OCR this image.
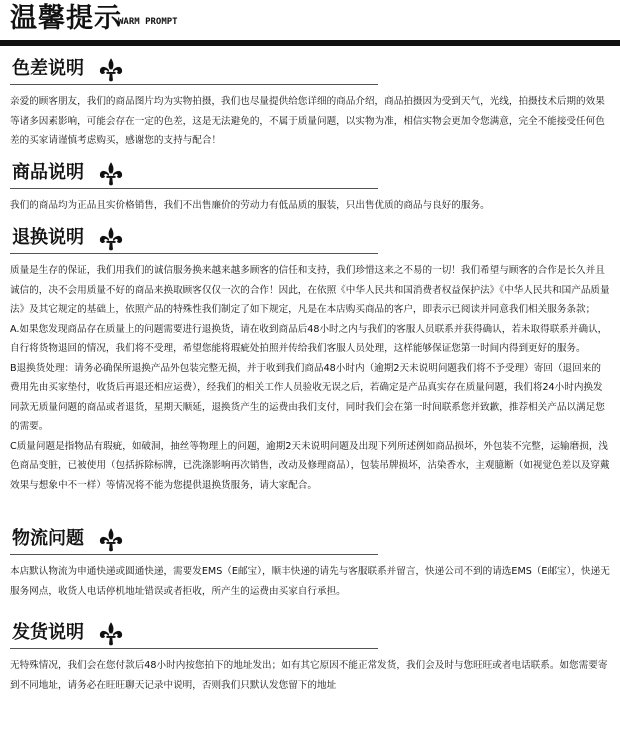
温馨提示
WARM PROMPT
色差说明

亲爱的顾客朋友，我们的商品图片均为实物拍摄，我们也尽量提供给您详细的商品介绍，商品拍摄因为受到天气，光线，拍摄技术后期的效果等诸多因素影响，可能会存在一定的色差，这是无法避免的，不属于质量问题，以实物为准，相信实物会更加令您满意，完全不能接受任何色差的买家请谨慎考虑购买，感谢您的支持与配合！

商品说明

我们的商品均为正品且实价格销售，我们不出售廉价的劳动力有低品质的服装，只出售优质的商品与良好的服务。

退换说明

质量是生存的保证，我们用我们的诚信服务换来越来越多顾客的信任和支持，我们珍惜这来之不易的一切！我们希望与顾客的合作是长久并且诚信的，决不会用质量不好的商品来换取顾客仅仅一次的合作！因此，在依照《中华人民共和国消费者权益保护法》《中华人民共和国产品质量法》及其它规定的基础上，依照产品的特殊性我们制定了如下规定，凡是在本店购买商品的客户，即表示已阅读并同意我们相关服务条款；

A.如果您发现商品存在质量上的问题需要进行退换货，请在收到商品后48小时之内与我们的客服人员联系并获得确认，若未取得联系并确认，自行将货物退回的情况，我们将不受理，希望您能将瑕疵处拍照并传给我们客服人员处理，这样能够保证您第一时间内得到更好的服务。

B退换货处理：请务必确保所退换产品外包装完整无损，并于收到我们商品48小时内（逾期2天未说明问题我们将不予受理）寄回（退回来的费用先由买家垫付，收货后再退还相应运费），经我们的相关工作人员验收无误之后，若确定是产品真实存在质量问题，我们将24小时内换发同款无质量问题的商品或者退货，星期天顺延，退换货产生的运费由我们支付，同时我们会在第一时间联系您并致歉，推荐相关产品以满足您的需要。

C质量问题是指物品有瑕疵，如破洞，抽丝等物理上的问题，逾期2天未说明问题及出现下列所述例如商品损坏，外包装不完整，运输磨损，浅色商品变脏，已被使用（包括拆除标牌，已洗涤影响再次销售，改动及修理商品），包装吊牌损坏，沾染香水，主观臆断（如视觉色差以及穿戴效果与想象中不一样）等情况将不能为您提供退换货服务，请大家配合。

物流问题

本店默认物流为申通快递或圆通快递，需要发EMS（E邮宝），顺丰快递的请先与客服联系并留言，快递公司不到的请选EMS（E邮宝），快递无服务网点，收货人电话停机地址错误或者拒收，所产生的运费由买家自行承担。

发货说明

无特殊情况，我们会在您付款后48小时内按您拍下的地址发出；如有其它原因不能正常发货，我们会及时与您旺旺或者电话联系。如您需要寄到不同地址，请务必在旺旺聊天记录中说明，否则我们只默认发您留下的地址
